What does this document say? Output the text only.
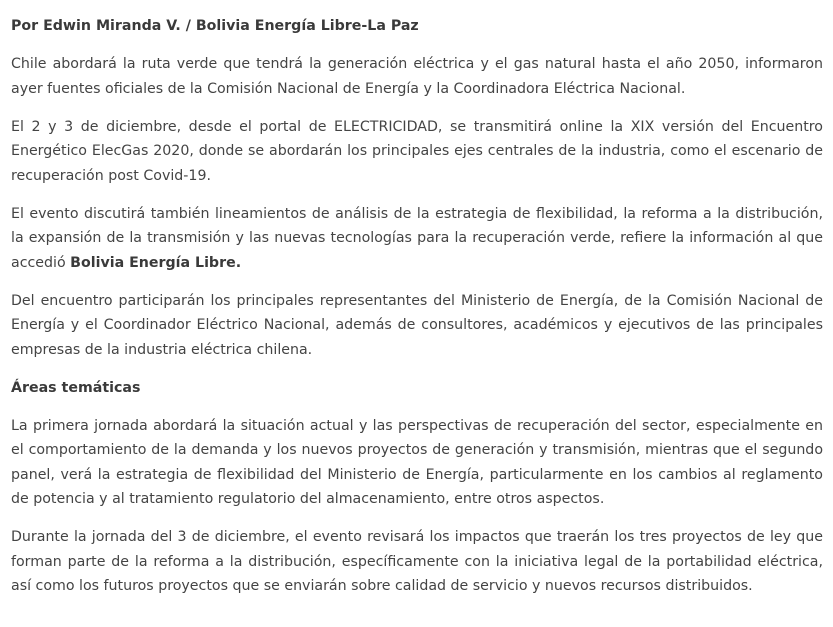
Por Edwin Miranda V. / Bolivia Energía Libre-La Paz

Chile abordará la ruta verde que tendrá la generación eléctrica y el gas natural hasta el año 2050, informaron ayer fuentes oficiales de la Comisión Nacional de Energía y la Coordinadora Eléctrica Nacional.

El 2 y 3 de diciembre, desde el portal de ELECTRICIDAD, se transmitirá online la XIX versión del Encuentro Energético ElecGas 2020, donde se abordarán los principales ejes centrales de la industria, como el escenario de recuperación post Covid-19.

El evento discutirá también lineamientos de análisis de la estrategia de flexibilidad, la reforma a la distribución, la expansión de la transmisión y las nuevas tecnologías para la recuperación verde, refiere la información al que accedió Bolivia Energía Libre.

Del encuentro participarán los principales representantes del Ministerio de Energía, de la Comisión Nacional de Energía y el Coordinador Eléctrico Nacional, además de consultores, académicos y ejecutivos de las principales empresas de la industria eléctrica chilena.

Áreas temáticas

La primera jornada abordará la situación actual y las perspectivas de recuperación del sector, especialmente en el comportamiento de la demanda y los nuevos proyectos de generación y transmisión, mientras que el segundo panel, verá la estrategia de flexibilidad del Ministerio de Energía, particularmente en los cambios al reglamento de potencia y al tratamiento regulatorio del almacenamiento, entre otros aspectos.

Durante la jornada del 3 de diciembre, el evento revisará los impactos que traerán los tres proyectos de ley que forman parte de la reforma a la distribución, específicamente con la iniciativa legal de la portabilidad eléctrica, así como los futuros proyectos que se enviarán sobre calidad de servicio y nuevos recursos distribuidos.
